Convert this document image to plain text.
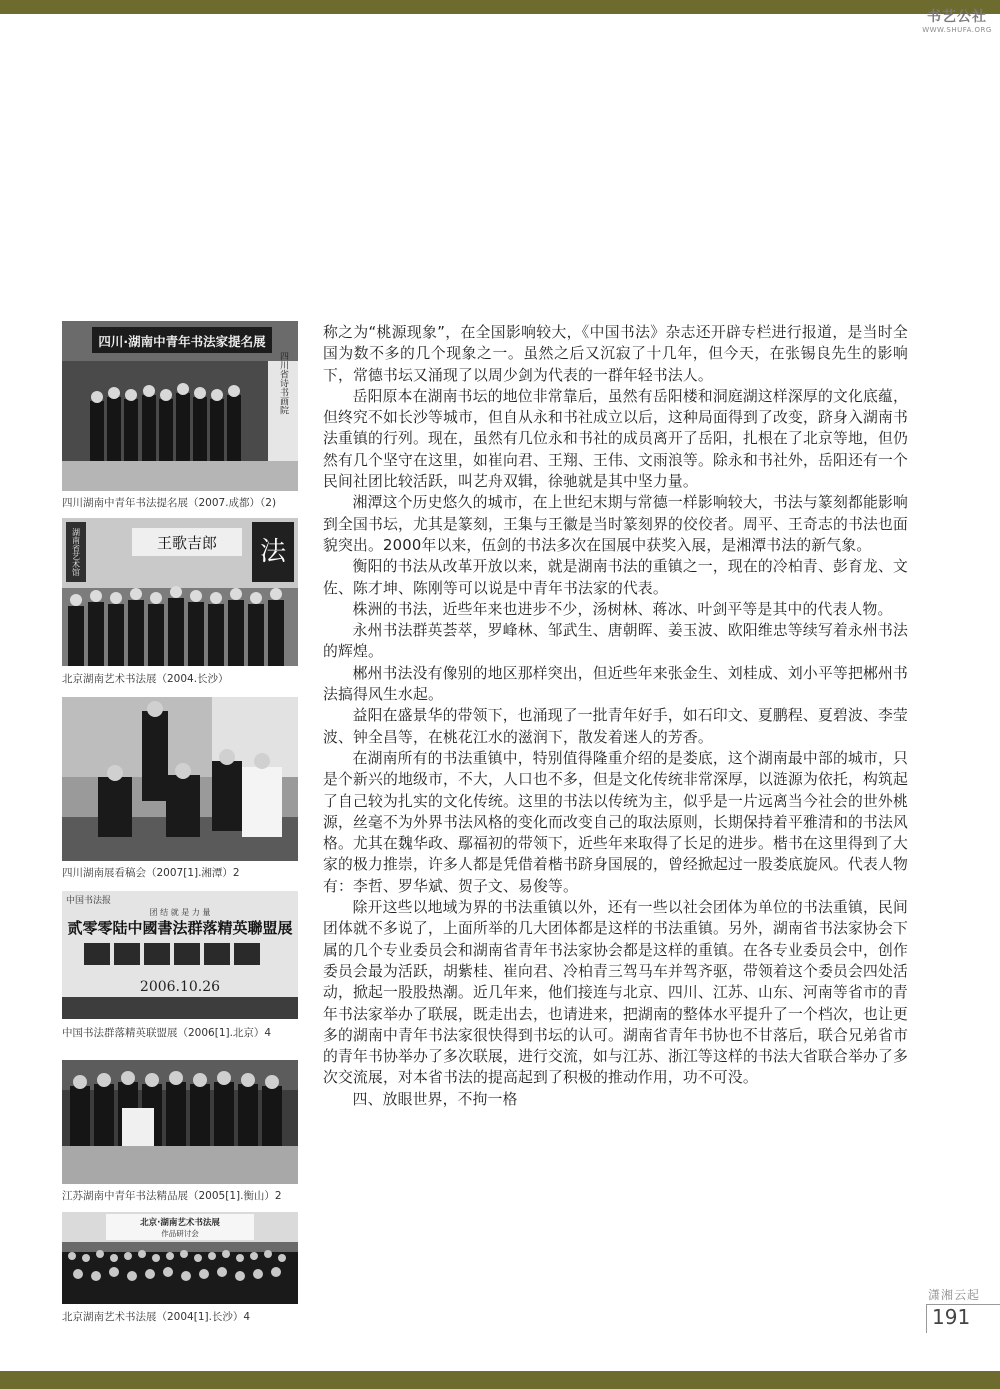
书艺公社
WWW.SHUFA.ORG
四川·湖南中青年书法家提名展
四川省诗书画院
四川湖南中青年书法提名展（2007.成都）（2)
湖南省艺术馆	王歌吉郎 法
北京湖南艺术书法展（2004.长沙）
四川湖南展看稿会（2007[1].湘潭）2
中国书法报
团 结 就 是 力 量
贰零零陆中國書法群落精英聯盟展
2006.10.26
中国书法群落精英联盟展（2006[1].北京）4
江苏湖南中青年书法精品展（2005[1].衡山）2
北京·湖南艺术书法展
作品研讨会
北京湖南艺术书法展（2004[1].长沙）4

称之为“桃源现象”，在全国影响较大，《中国书法》杂志还开辟专栏进行报道，是当时全国为数不多的几个现象之一。虽然之后又沉寂了十几年，但今天，在张锡良先生的影响下，常德书坛又涌现了以周少剑为代表的一群年轻书法人。

岳阳原本在湖南书坛的地位非常靠后，虽然有岳阳楼和洞庭湖这样深厚的文化底蕴，但终究不如长沙等城市，但自从永和书社成立以后，这种局面得到了改变，跻身入湖南书法重镇的行列。现在，虽然有几位永和书社的成员离开了岳阳，扎根在了北京等地，但仍然有几个坚守在这里，如崔向君、王翔、王伟、文雨浪等。除永和书社外，岳阳还有一个民间社团比较活跃，叫艺舟双辑，徐驰就是其中坚力量。

湘潭这个历史悠久的城市，在上世纪末期与常德一样影响较大，书法与篆刻都能影响到全国书坛，尤其是篆刻，王集与王徽是当时篆刻界的佼佼者。周平、王奇志的书法也面貌突出。2000年以来，伍剑的书法多次在国展中获奖入展，是湘潭书法的新气象。

衡阳的书法从改革开放以来，就是湖南书法的重镇之一，现在的冷柏青、彭育龙、文佐、陈才坤、陈刚等可以说是中青年书法家的代表。

株洲的书法，近些年来也进步不少，汤树林、蒋冰、叶剑平等是其中的代表人物。

永州书法群英荟萃，罗峰林、邹武生、唐朝晖、姜玉波、欧阳维忠等续写着永州书法的辉煌。

郴州书法没有像别的地区那样突出，但近些年来张金生、刘桂成、刘小平等把郴州书法搞得风生水起。

益阳在盛景华的带领下，也涌现了一批青年好手，如石印文、夏鹏程、夏碧波、李莹波、钟全昌等，在桃花江水的滋润下，散发着迷人的芳香。

在湖南所有的书法重镇中，特别值得隆重介绍的是娄底，这个湖南最中部的城市，只是个新兴的地级市，不大，人口也不多，但是文化传统非常深厚，以涟源为依托，构筑起了自己较为扎实的文化传统。这里的书法以传统为主，似乎是一片远离当今社会的世外桃源，丝毫不为外界书法风格的变化而改变自己的取法原则，长期保持着平雅清和的书法风格。尤其在魏华政、鄢福初的带领下，近些年来取得了长足的进步。楷书在这里得到了大家的极力推崇，许多人都是凭借着楷书跻身国展的，曾经掀起过一股娄底旋风。代表人物有：李哲、罗华斌、贺子文、易俊等。

除开这些以地域为界的书法重镇以外，还有一些以社会团体为单位的书法重镇，民间团体就不多说了，上面所举的几大团体都是这样的书法重镇。另外，湖南省书法家协会下属的几个专业委员会和湖南省青年书法家协会都是这样的重镇。在各专业委员会中，创作委员会最为活跃，胡紫桂、崔向君、冷柏青三驾马车并驾齐驱，带领着这个委员会四处活动，掀起一股股热潮。近几年来，他们接连与北京、四川、江苏、山东、河南等省市的青年书法家举办了联展，既走出去，也请进来，把湖南的整体水平提升了一个档次，也让更多的湖南中青年书法家很快得到书坛的认可。湖南省青年书协也不甘落后，联合兄弟省市的青年书协举办了多次联展，进行交流，如与江苏、浙江等这样的书法大省联合举办了多次交流展，对本省书法的提高起到了积极的推动作用，功不可没。

四、放眼世界，不拘一格

潇湘云起
191
